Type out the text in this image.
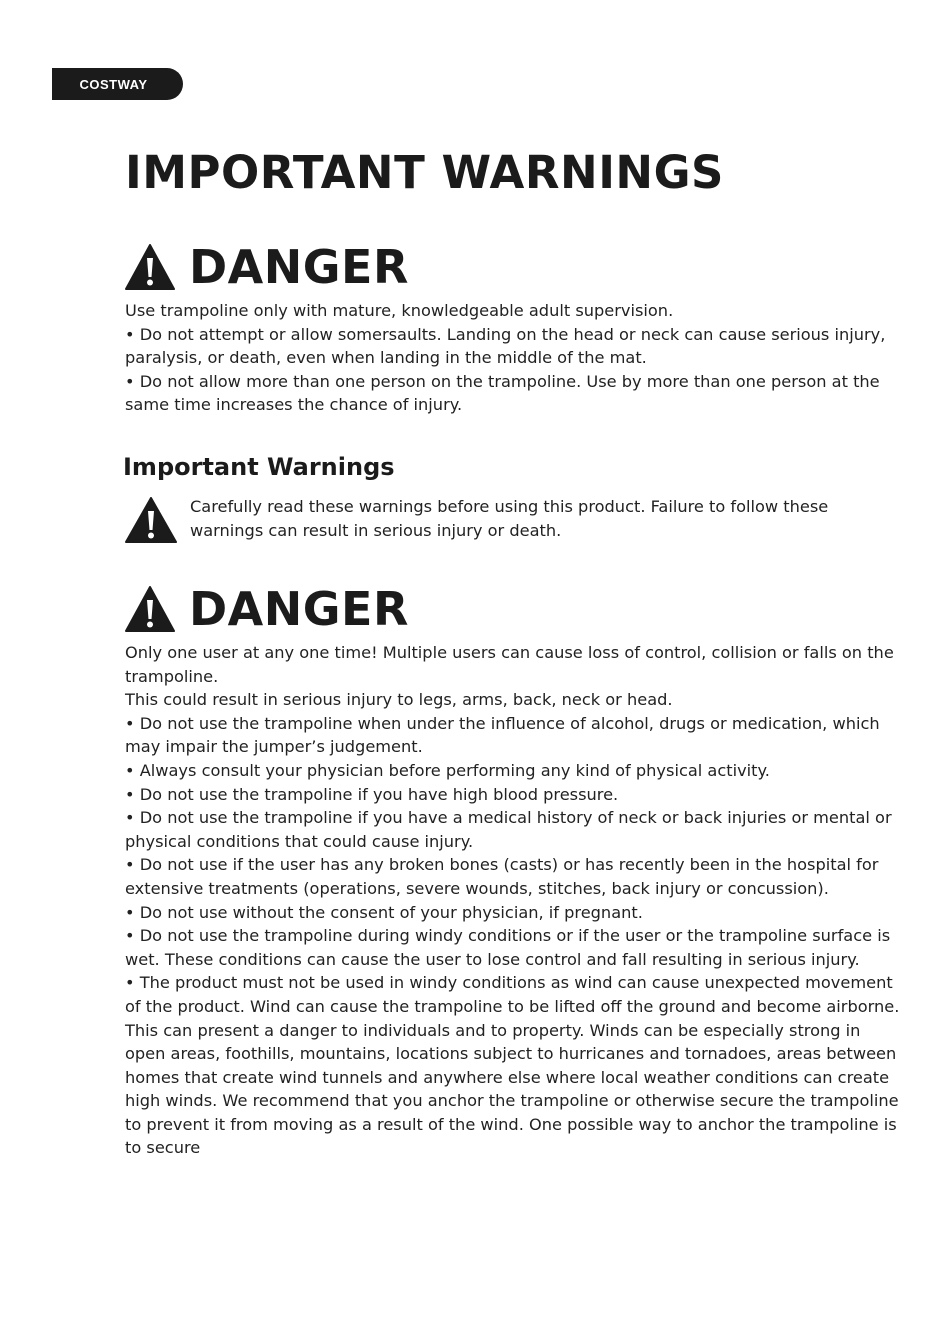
COSTWAY
IMPORTANT WARNINGS
DANGER

Use trampoline only with mature, knowledgeable adult supervision.

• Do not attempt or allow somersaults. Landing on the head or neck can cause serious injury, paralysis, or death, even when landing in the middle of the mat.

• Do not allow more than one person on the trampoline. Use by more than one person at the same time increases the chance of injury.

Important Warnings
Carefully read these warnings before using this product. Failure to follow these warnings can result in serious injury or death.
DANGER

Only one user at any one time! Multiple users can cause loss of control, collision or falls on the trampoline.

This could result in serious injury to legs, arms, back, neck or head.

• Do not use the trampoline when under the influence of alcohol, drugs or medication, which may impair the jumper’s judgement.

• Always consult your physician before performing any kind of physical activity.

• Do not use the trampoline if you have high blood pressure.

• Do not use the trampoline if you have a medical history of neck or back injuries or mental or physical conditions that could cause injury.

• Do not use if the user has any broken bones (casts) or has recently been in the hospital for extensive treatments (operations, severe wounds, stitches, back injury or concussion).

• Do not use without the consent of your physician, if pregnant.

• Do not use the trampoline during windy conditions or if the user or the trampoline surface is wet. These conditions can cause the user to lose control and fall resulting in serious injury.

• The product must not be used in windy conditions as wind can cause unexpected movement of the product. Wind can cause the trampoline to be lifted off the ground and become airborne. This can present a danger to individuals and to property. Winds can be especially strong in open areas, foothills, mountains, locations subject to hurricanes and tornadoes, areas between homes that create wind tunnels and anywhere else where local weather conditions can create high winds. We recommend that you anchor the trampoline or otherwise secure the trampoline to prevent it from moving as a result of the wind. One possible way to anchor the trampoline is to secure
